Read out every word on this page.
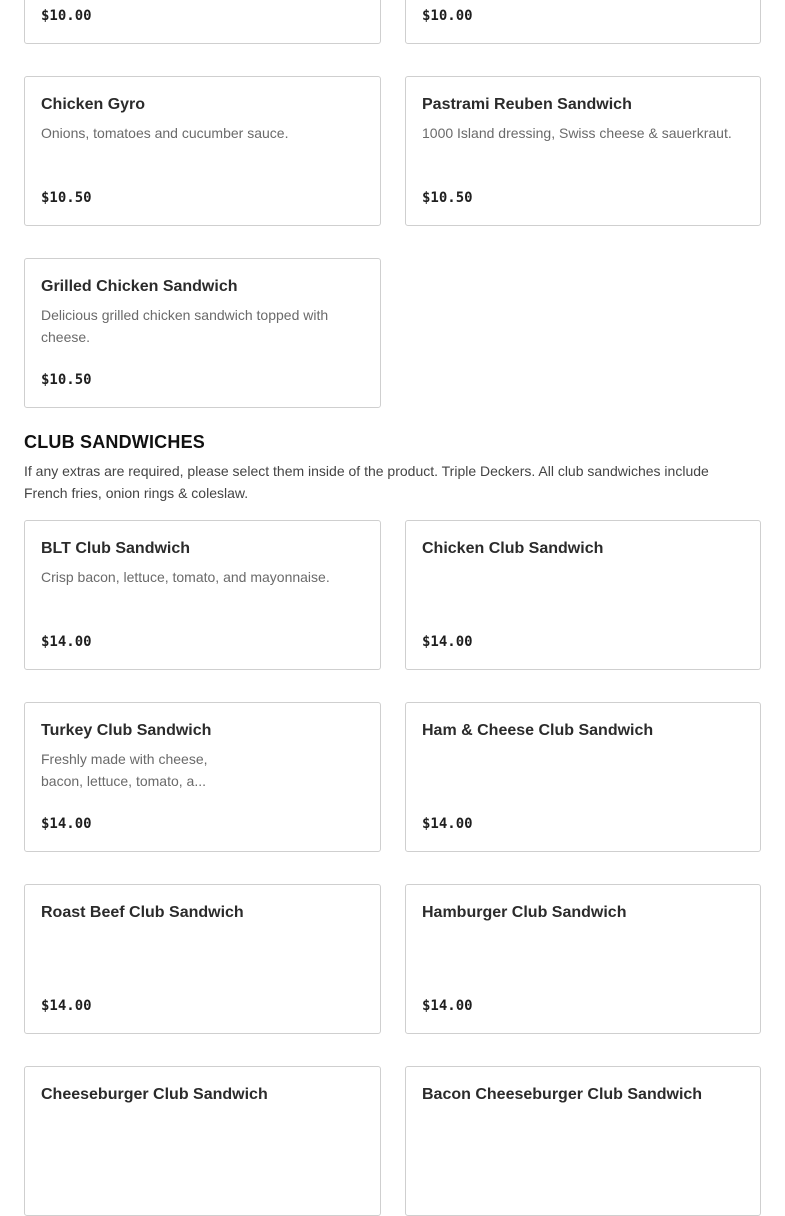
$10.00	$10.00
Chicken Gyro
Onions, tomatoes and cucumber sauce.
$10.50
Pastrami Reuben Sandwich
1000 Island dressing, Swiss cheese & sauerkraut.
$10.50
Grilled Chicken Sandwich
Delicious grilled chicken sandwich topped with cheese.
$10.50
CLUB SANDWICHES
If any extras are required, please select them inside of the product. Triple Deckers. All club sandwiches include French fries, onion rings & coleslaw.
BLT Club Sandwich
Crisp bacon, lettuce, tomato, and mayonnaise.
$14.00
Chicken Club Sandwich
$14.00
Turkey Club Sandwich
Freshly made with cheese, bacon, lettuce, tomato, a...
$14.00
Ham & Cheese Club Sandwich
$14.00
Roast Beef Club Sandwich
$14.00
Hamburger Club Sandwich
$14.00
Cheeseburger Club Sandwich	Bacon Cheeseburger Club Sandwich
